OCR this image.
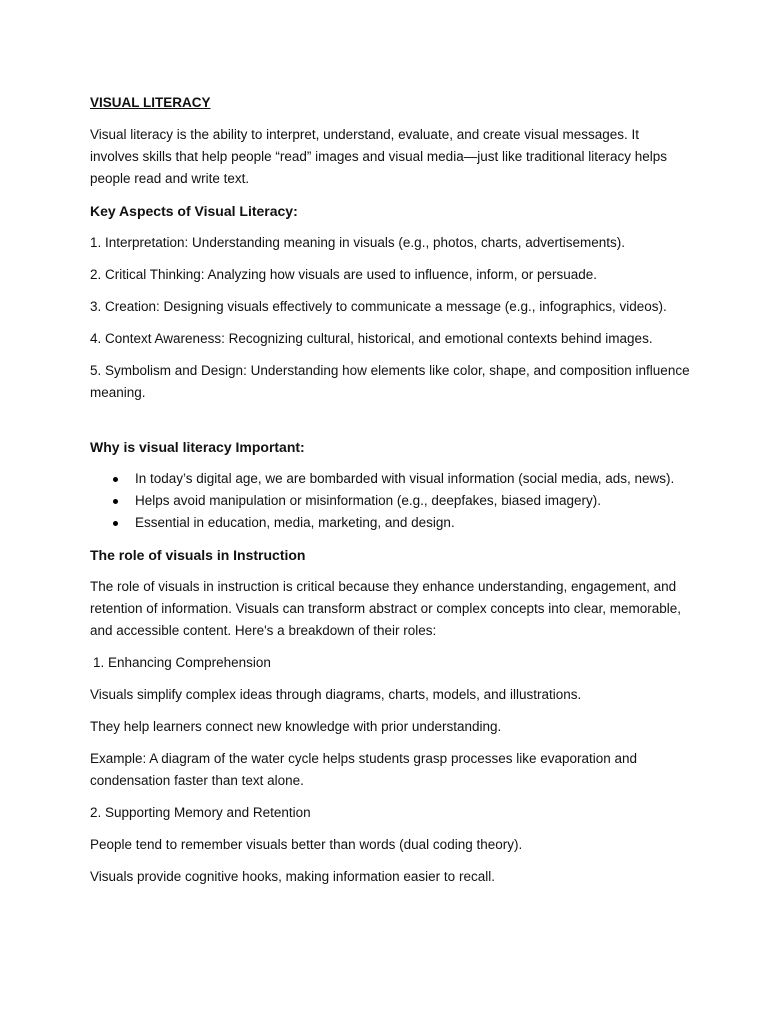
VISUAL LITERACY

Visual literacy is the ability to interpret, understand, evaluate, and create visual messages. It involves skills that help people “read” images and visual media—just like traditional literacy helps people read and write text.

Key Aspects of Visual Literacy:

1. Interpretation: Understanding meaning in visuals (e.g., photos, charts, advertisements).

2. Critical Thinking: Analyzing how visuals are used to influence, inform, or persuade.

3. Creation: Designing visuals effectively to communicate a message (e.g., infographics, videos).

4. Context Awareness: Recognizing cultural, historical, and emotional contexts behind images.

5. Symbolism and Design: Understanding how elements like color, shape, and composition influence meaning.

Why is visual literacy Important:
In today’s digital age, we are bombarded with visual information (social media, ads, news).
Helps avoid manipulation or misinformation (e.g., deepfakes, biased imagery).
Essential in education, media, marketing, and design.
The role of visuals in Instruction

The role of visuals in instruction is critical because they enhance understanding, engagement, and retention of information. Visuals can transform abstract or complex concepts into clear, memorable, and accessible content. Here's a breakdown of their roles:

1. Enhancing Comprehension

Visuals simplify complex ideas through diagrams, charts, models, and illustrations.

They help learners connect new knowledge with prior understanding.

Example: A diagram of the water cycle helps students grasp processes like evaporation and condensation faster than text alone.

2. Supporting Memory and Retention

People tend to remember visuals better than words (dual coding theory).

Visuals provide cognitive hooks, making information easier to recall.
